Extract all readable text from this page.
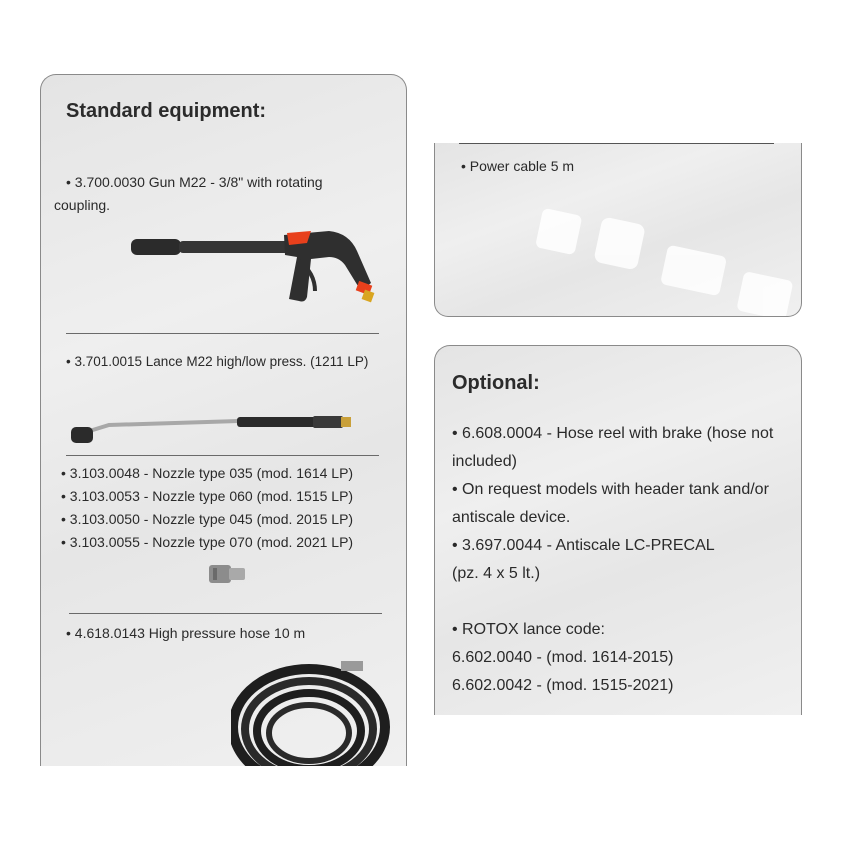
Standard equipment:
• 3.700.0030 Gun M22 - 3/8" with rotating
coupling.
• 3.701.0015 Lance M22 high/low press. (1211 LP)
• 3.103.0048 - Nozzle type 035 (mod. 1614 LP)
• 3.103.0053 - Nozzle type 060 (mod. 1515 LP)
• 3.103.0050 - Nozzle type 045 (mod. 2015 LP)
• 3.103.0055 - Nozzle type 070 (mod. 2021 LP)
• 4.618.0143 High pressure hose 10 m
• Power cable 5 m
Optional:
• 6.608.0004 - Hose reel with brake (hose not
included)
• On request models with header tank and/or
antiscale device.
• 3.697.0044 - Antiscale LC-PRECAL
(pz. 4 x 5 lt.)
• ROTOX lance code:
6.602.0040 - (mod. 1614-2015)
6.602.0042 - (mod. 1515-2021)
